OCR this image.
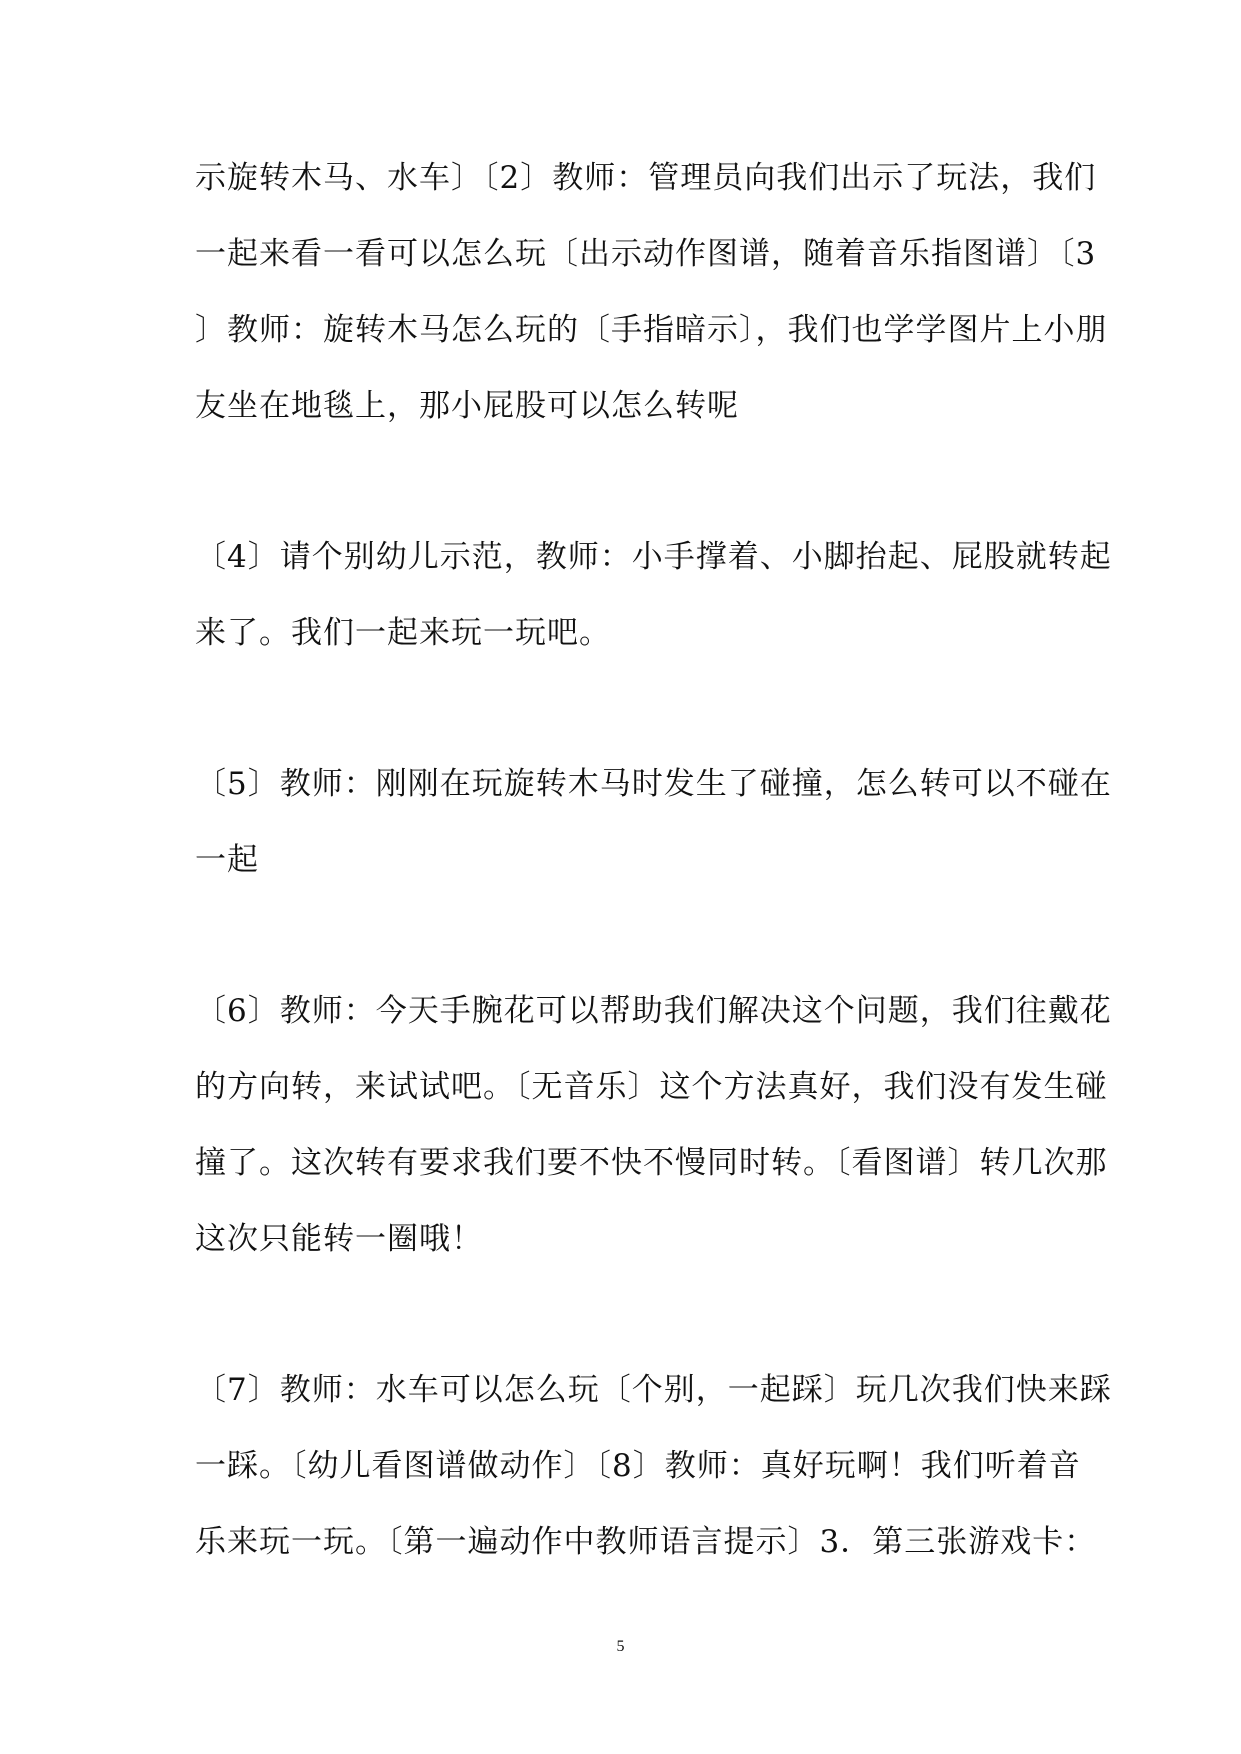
示旋转木马、水车〕〔2〕教师：管理员向我们出示了玩法，我们
一起来看一看可以怎么玩〔出示动作图谱，随着音乐指图谱〕〔3
〕教师：旋转木马怎么玩的〔手指暗示〕，我们也学学图片上小朋
友坐在地毯上，那小屁股可以怎么转呢
〔4〕请个别幼儿示范，教师：小手撑着、小脚抬起、屁股就转起
来了。我们一起来玩一玩吧。
〔5〕教师：刚刚在玩旋转木马时发生了碰撞，怎么转可以不碰在
一起
〔6〕教师：今天手腕花可以帮助我们解决这个问题，我们往戴花
的方向转，来试试吧。〔无音乐〕这个方法真好，我们没有发生碰
撞了。这次转有要求我们要不快不慢同时转。〔看图谱〕转几次那
这次只能转一圈哦！
〔7〕教师：水车可以怎么玩〔个别，一起踩〕玩几次我们快来踩
一踩。〔幼儿看图谱做动作〕〔8〕教师：真好玩啊！我们听着音
乐来玩一玩。〔第一遍动作中教师语言提示〕3．第三张游戏卡：
5
